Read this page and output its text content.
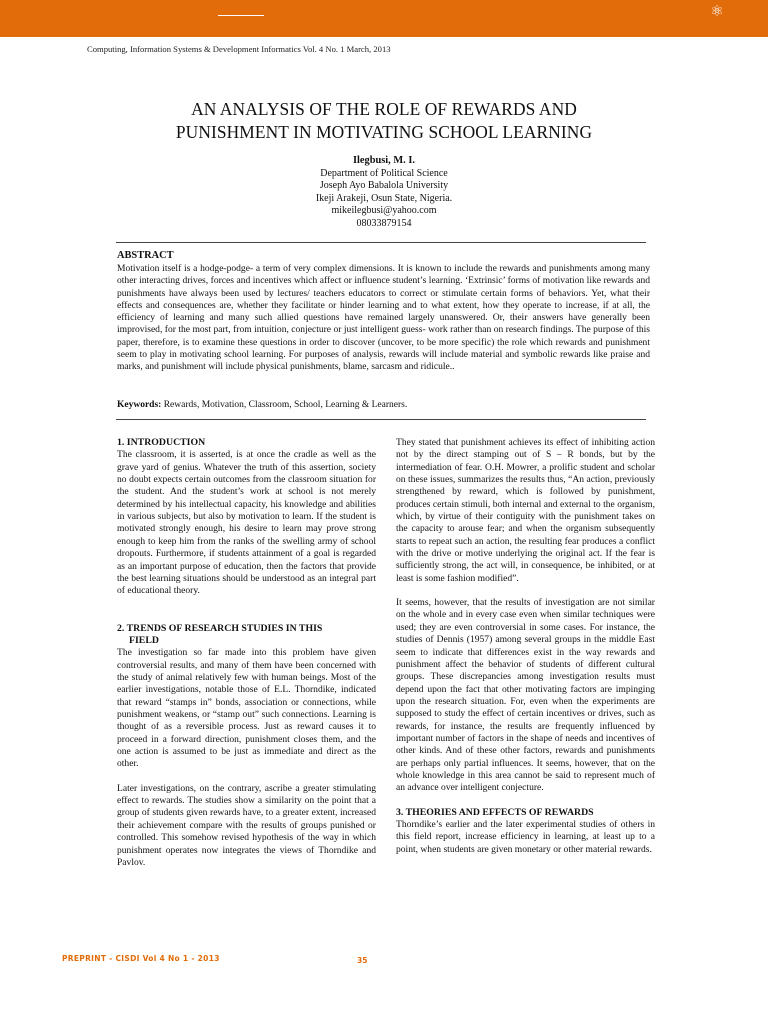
⚛
Computing, Information Systems & Development Informatics Vol. 4 No. 1 March, 2013
AN ANALYSIS OF THE ROLE OF REWARDS AND
PUNISHMENT IN MOTIVATING SCHOOL LEARNING
Ilegbusi, M. I.
Department of Political Science
Joseph Ayo Babalola University
Ikeji Arakeji, Osun State, Nigeria.
mikeilegbusi@yahoo.com
08033879154
ABSTRACT
Motivation itself is a hodge-podge- a term of very complex dimensions. It is known to include the rewards and punishments among many other interacting drives, forces and incentives which affect or influence student’s learning. ‘Extrinsic’ forms of motivation like rewards and punishments have always been used by lectures/ teachers educators to correct or stimulate certain forms of behaviors. Yet, what their effects and consequences are, whether they facilitate or hinder learning and to what extent, how they operate to increase, if at all, the efficiency of learning and many such allied questions have remained largely unanswered. Or, their answers have generally been improvised, for the most part, from intuition, conjecture or just intelligent guess- work rather than on research findings. The purpose of this paper, therefore, is to examine these questions in order to discover (uncover, to be more specific) the role which rewards and punishment seem to play in motivating school learning. For purposes of analysis, rewards will include material and symbolic rewards like praise and marks, and punishment will include physical punishments, blame, sarcasm and ridicule..
Keywords: Rewards, Motivation, Classroom, School, Learning & Learners.
1. INTRODUCTION

The classroom, it is asserted, is at once the cradle as well as the grave yard of genius. Whatever the truth of this assertion, society no doubt expects certain outcomes from the classroom situation for the student. And the student’s work at school is not merely determined by his intellectual capacity, his knowledge and abilities in various subjects, but also by motivation to learn. If the student is motivated strongly enough, his desire to learn may prove strong enough to keep him from the ranks of the swelling army of school dropouts. Furthermore, if students attainment of a goal is regarded as an important purpose of education, then the factors that provide the best learning situations should be understood as an integral part of educational theory.

2. TRENDS OF RESEARCH STUDIES IN THIS
FIELD

The investigation so far made into this problem have given controversial results, and many of them have been concerned with the study of animal relatively few with human beings. Most of the earlier investigations, notable those of E.L. Thorndike, indicated that reward “stamps in” bonds, association or connections, while punishment weakens, or “stamp out” such connections. Learning is thought of as a reversible process. Just as reward causes it to proceed in a forward direction, punishment closes them, and the one action is assumed to be just as immediate and direct as the other.

Later investigations, on the contrary, ascribe a greater stimulating effect to rewards. The studies show a similarity on the point that a group of students given rewards have, to a greater extent, increased their achievement compare with the results of groups punished or controlled. This somehow revised hypothesis of the way in which punishment operates now integrates the views of Thorndike and Pavlov.

They stated that punishment achieves its effect of inhibiting action not by the direct stamping out of S – R bonds, but by the intermediation of fear. O.H. Mowrer, a prolific student and scholar on these issues, summarizes the results thus, “An action, previously strengthened by reward, which is followed by punishment, produces certain stimuli, both internal and external to the organism, which, by virtue of their contiguity with the punishment takes on the capacity to arouse fear; and when the organism subsequently starts to repeat such an action, the resulting fear produces a conflict with the drive or motive underlying the original act. If the fear is sufficiently strong, the act will, in consequence, be inhibited, or at least is some fashion modified”.

It seems, however, that the results of investigation are not similar on the whole and in every case even when similar techniques were used; they are even controversial in some cases. For instance, the studies of Dennis (1957) among several groups in the middle East seem to indicate that differences exist in the way rewards and punishment affect the behavior of students of different cultural groups. These discrepancies among investigation results must depend upon the fact that other motivating factors are impinging upon the research situation. For, even when the experiments are supposed to study the effect of certain incentives or drives, such as rewards, for instance, the results are frequently influenced by important number of factors in the shape of needs and incentives of other kinds. And of these other factors, rewards and punishments are perhaps only partial influences. It seems, however, that on the whole knowledge in this area cannot be said to represent much of an advance over intelligent conjecture.

3. THEORIES AND EFFECTS OF REWARDS

Thorndike’s earlier and the later experimental studies of others in this field report, increase efficiency in learning, at least up to a point, when students are given monetary or other material rewards.

PREPRINT - CISDI Vol 4 No 1 - 2013	35
